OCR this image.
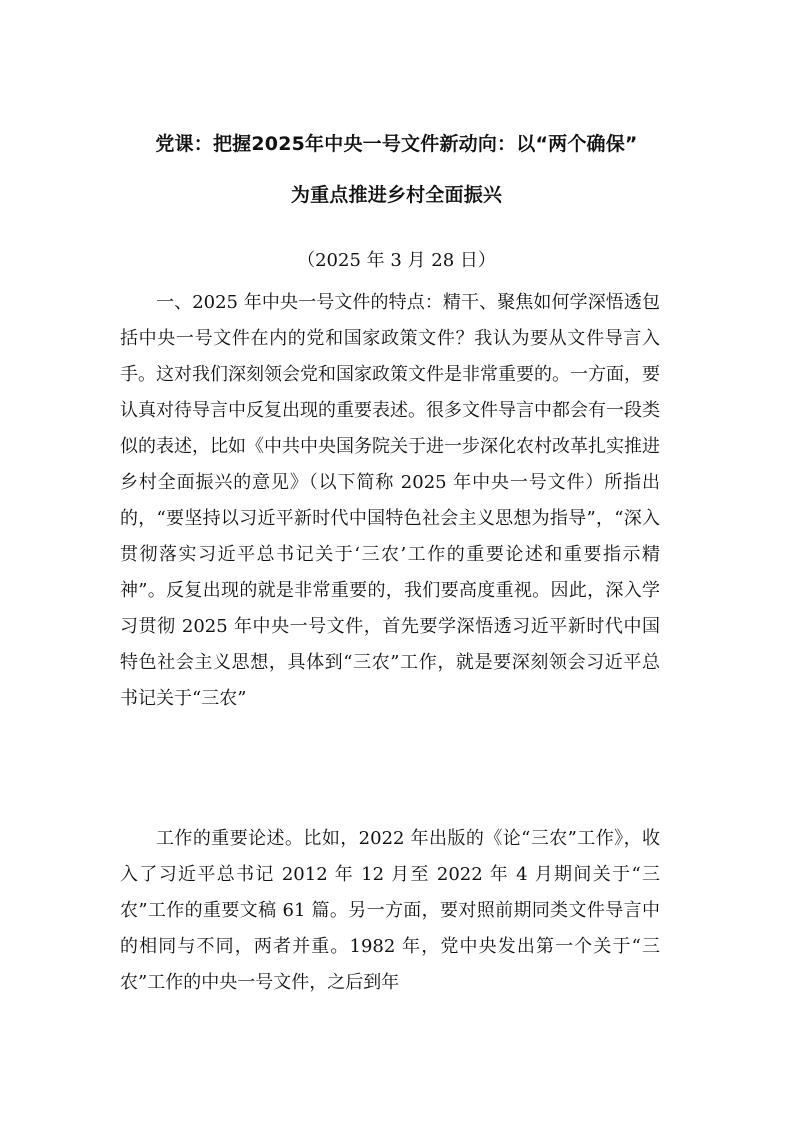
党课：把握2025年中央一号文件新动向：以“两个确保”
为重点推进乡村全面振兴
（2025 年 3 月 28 日）

一、2025 年中央一号文件的特点：精干、聚焦如何学深悟透包括中央一号文件在内的党和国家政策文件？我认为要从文件导言入手。这对我们深刻领会党和国家政策文件是非常重要的。一方面，要认真对待导言中反复出现的重要表述。很多文件导言中都会有一段类似的表述，比如《中共中央国务院关于进一步深化农村改革扎实推进乡村全面振兴的意见》（以下简称 2025 年中央一号文件）所指出的，“要坚持以习近平新时代中国特色社会主义思想为指导”，“深入贯彻落实习近平总书记关于‘三农’工作的重要论述和重要指示精神”。反复出现的就是非常重要的，我们要高度重视。因此，深入学习贯彻 2025 年中央一号文件，首先要学深悟透习近平新时代中国特色社会主义思想，具体到“三农”工作，就是要深刻领会习近平总书记关于“三农”

工作的重要论述。比如，2022 年出版的《论“三农”工作》，收入了习近平总书记 2012 年 12 月至 2022 年 4 月期间关于“三农”工作的重要文稿 61 篇。另一方面，要对照前期同类文件导言中的相同与不同，两者并重。1982 年，党中央发出第一个关于“三农”工作的中央一号文件，之后到年
